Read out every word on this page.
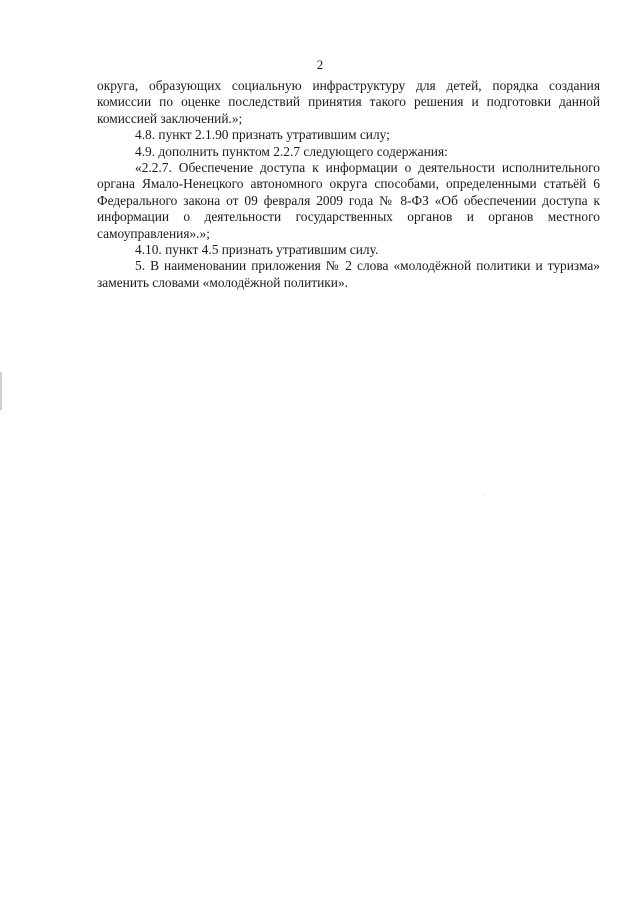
2

округа, образующих социальную инфраструктуру для детей, порядка создания комиссии по оценке последствий принятия такого решения и подготовки данной комиссией заключений.»;

4.8. пункт 2.1.90 признать утратившим силу;

4.9. дополнить пунктом 2.2.7 следующего содержания:

«2.2.7. Обеспечение доступа к информации о деятельности исполнительного органа Ямало-Ненецкого автономного округа способами, определенными статьёй 6 Федерального закона от 09 февраля 2009 года № 8-ФЗ «Об обеспечении доступа к информации о деятельности государственных органов и органов местного самоуправления».»;

4.10. пункт 4.5 признать утратившим силу.

5. В наименовании приложения № 2 слова «молодёжной политики и туризма» заменить словами «молодёжной политики».
